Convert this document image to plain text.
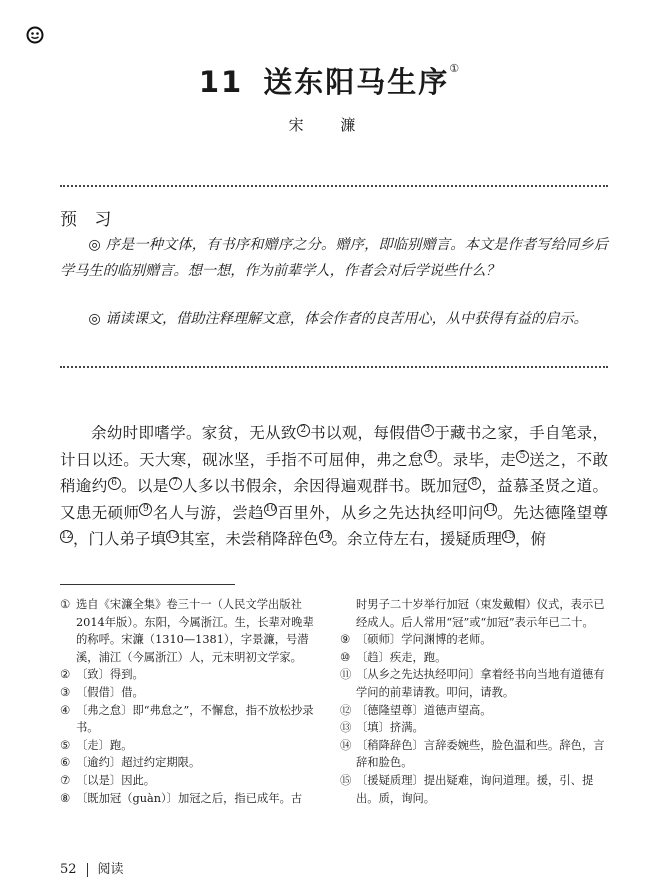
11 送东阳马生序①
宋 濂
预 习
◎ 序是一种文体，有书序和赠序之分。赠序，即临别赠言。本文是作者写给同乡后学马生的临别赠言。想一想，作为前辈学人，作者会对后学说些什么？
◎ 诵读课文，借助注释理解文意，体会作者的良苦用心，从中获得有益的启示。
余幼时即嗜学。家贫，无从致 2 书以观，每假借 3 于藏书之家，手自笔录，计日以还。天大寒，砚冰坚，手指不可屈伸，弗之怠 4 。录毕，走 5 送之，不敢稍逾约 6 。以是 7 人多以书假余，余因得遍观群书。既加冠 8 ，益慕圣贤之道。又患无硕师 9 名人与游，尝趋10百里外，从乡之先达执经叩问11。先达德隆望尊12，门人弟子填13其室，未尝稍降辞色14。余立侍左右，援疑质理15，俯
① 选自《宋濂全集》卷三十一（人民文学出版社2014年版）。东阳，今属浙江。生，长辈对晚辈的称呼。宋濂（1310—1381），字景濂，号潜溪，浦江（今属浙江）人，元末明初文学家。
② 〔致〕得到。
③ 〔假借〕借。
④ 〔弗之怠〕即“弗怠之”，不懈怠，指不放松抄录书。
⑤ 〔走〕跑。
⑥ 〔逾约〕超过约定期限。
⑦ 〔以是〕因此。
⑧ 〔既加冠（guàn）〕加冠之后，指已成年。古
时男子二十岁举行加冠（束发戴帽）仪式，表示已经成人。后人常用“冠”或“加冠”表示年已二十。
⑨ 〔硕师〕学问渊博的老师。
⑩ 〔趋〕疾走，跑。
⑪ 〔从乡之先达执经叩问〕拿着经书向当地有道德有学问的前辈请教。叩问，请教。
⑫ 〔德隆望尊〕道德声望高。
⑬ 〔填〕挤满。
⑭ 〔稍降辞色〕言辞委婉些，脸色温和些。辞色，言辞和脸色。
⑮ 〔援疑质理〕提出疑难，询问道理。援，引、提出。质，询问。
52 阅读
